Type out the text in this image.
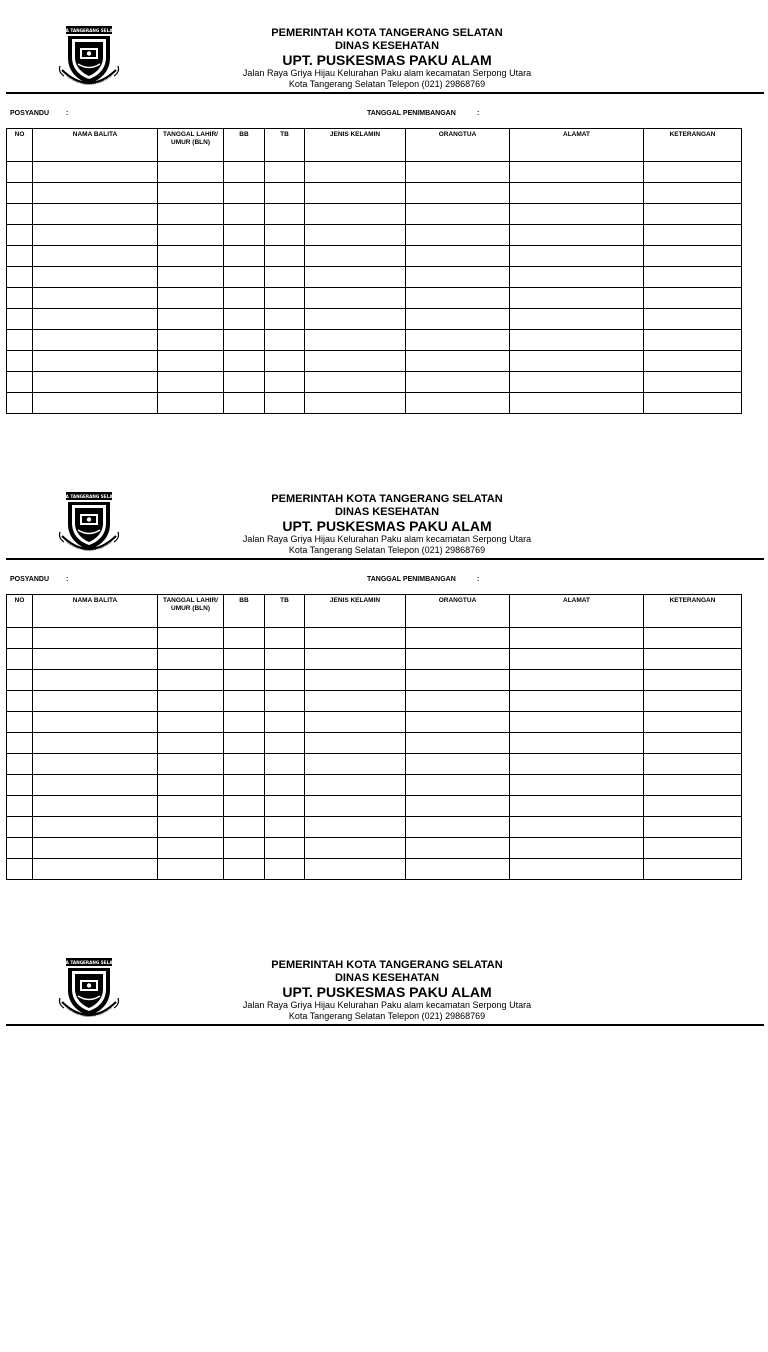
KOTA TANGERANG SELATAN
CERDAS MODERN RELIGIUS
PEMERINTAH KOTA TANGERANG SELATAN
DINAS KESEHATAN
UPT. PUSKESMAS PAKU ALAM
Jalan Raya Griya Hijau Kelurahan Paku alam kecamatan Serpong Utara
Kota Tangerang Selatan Telepon (021) 29868769
POSYANDU :	TANGGAL PENIMBANGAN	:
NO	NAMA BALITA	TANGGAL LAHIR/ UMUR (BLN)	BB	TB	JENIS KELAMIN	ORANGTUA	ALAMAT	KETERANGAN

KOTA TANGERANG SELATAN
CERDAS MODERN RELIGIUS
PEMERINTAH KOTA TANGERANG SELATAN
DINAS KESEHATAN
UPT. PUSKESMAS PAKU ALAM
Jalan Raya Griya Hijau Kelurahan Paku alam kecamatan Serpong Utara
Kota Tangerang Selatan Telepon (021) 29868769
POSYANDU :	TANGGAL PENIMBANGAN	:
NO	NAMA BALITA	TANGGAL LAHIR/ UMUR (BLN)	BB	TB	JENIS KELAMIN	ORANGTUA	ALAMAT	KETERANGAN

KOTA TANGERANG SELATAN
CERDAS MODERN RELIGIUS
PEMERINTAH KOTA TANGERANG SELATAN
DINAS KESEHATAN
UPT. PUSKESMAS PAKU ALAM
Jalan Raya Griya Hijau Kelurahan Paku alam kecamatan Serpong Utara
Kota Tangerang Selatan Telepon (021) 29868769
